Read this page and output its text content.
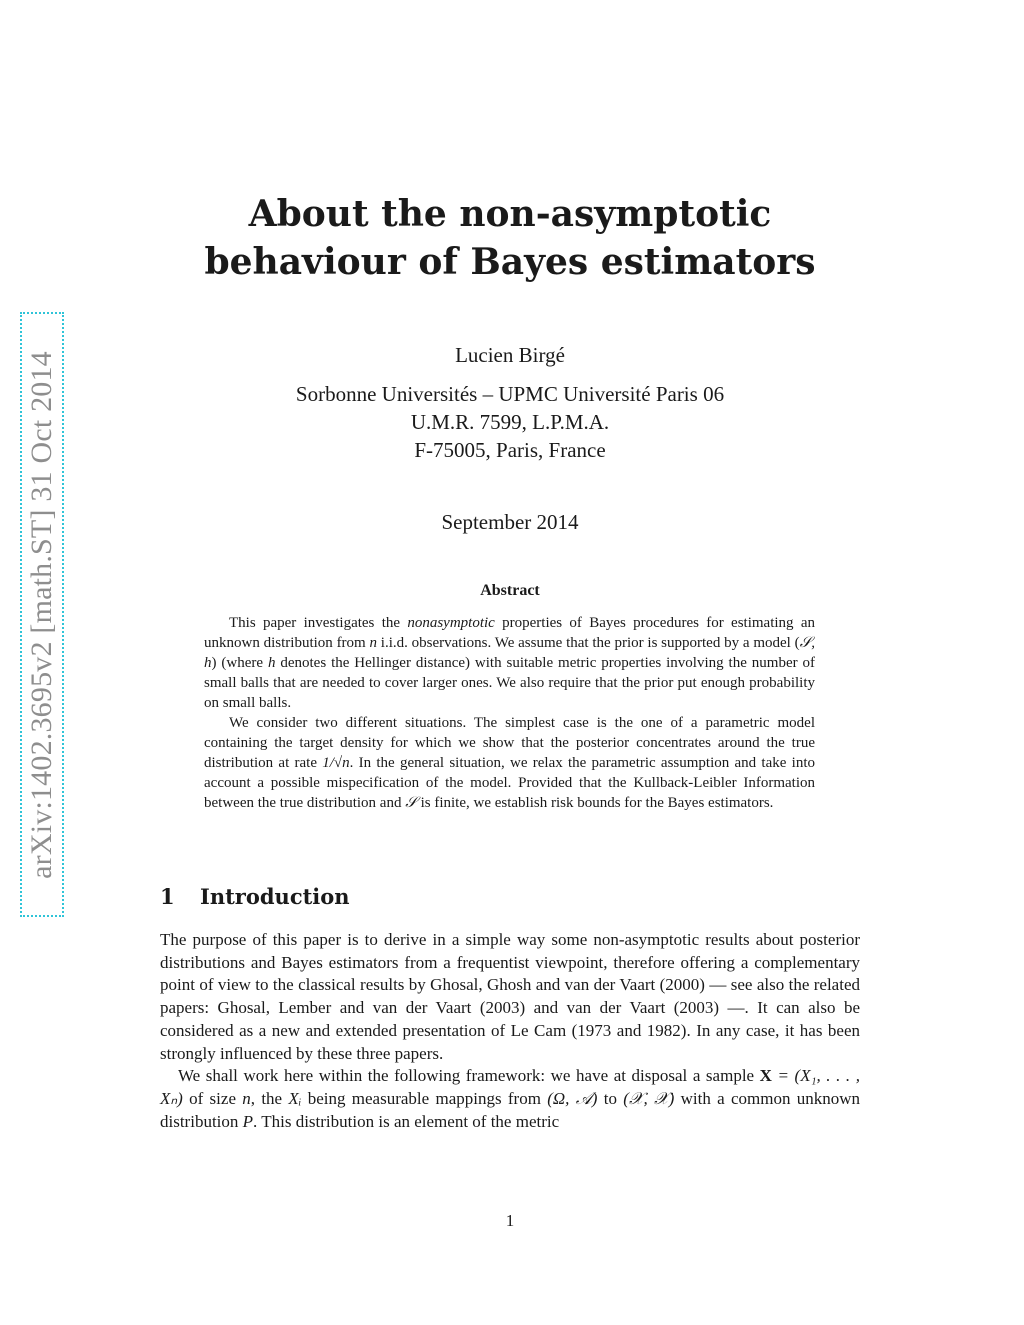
arXiv:1402.3695v2 [math.ST] 31 Oct 2014
About the non-asymptotic
behaviour of Bayes estimators
Lucien Birgé
Sorbonne Universités – UPMC Université Paris 06
U.M.R. 7599, L.P.M.A.
F-75005, Paris, France
September 2014
Abstract

This paper investigates the nonasymptotic properties of Bayes procedures for estimating an unknown distribution from n i.i.d. observations. We assume that the prior is supported by a model (𝒮, h) (where h denotes the Hellinger distance) with suitable metric properties involving the number of small balls that are needed to cover larger ones. We also require that the prior put enough probability on small balls.

We consider two different situations. The simplest case is the one of a parametric model containing the target density for which we show that the posterior concentrates around the true distribution at rate 1/√n. In the general situation, we relax the parametric assumption and take into account a possible mispecification of the model. Provided that the Kullback-Leibler Information between the true distribution and 𝒮 is finite, we establish risk bounds for the Bayes estimators.

1 Introduction

The purpose of this paper is to derive in a simple way some non-asymptotic results about posterior distributions and Bayes estimators from a frequentist viewpoint, therefore offering a complementary point of view to the classical results by Ghosal, Ghosh and van der Vaart (2000) — see also the related papers: Ghosal, Lember and van der Vaart (2003) and van der Vaart (2003) —. It can also be considered as a new and extended presentation of Le Cam (1973 and 1982). In any case, it has been strongly influenced by these three papers.

We shall work here within the following framework: we have at disposal a sample X = (X₁, . . . , Xₙ) of size n, the Xᵢ being measurable mappings from (Ω, 𝒜) to (𝒳, 𝒳) with a common unknown distribution P. This distribution is an element of the metric

1
